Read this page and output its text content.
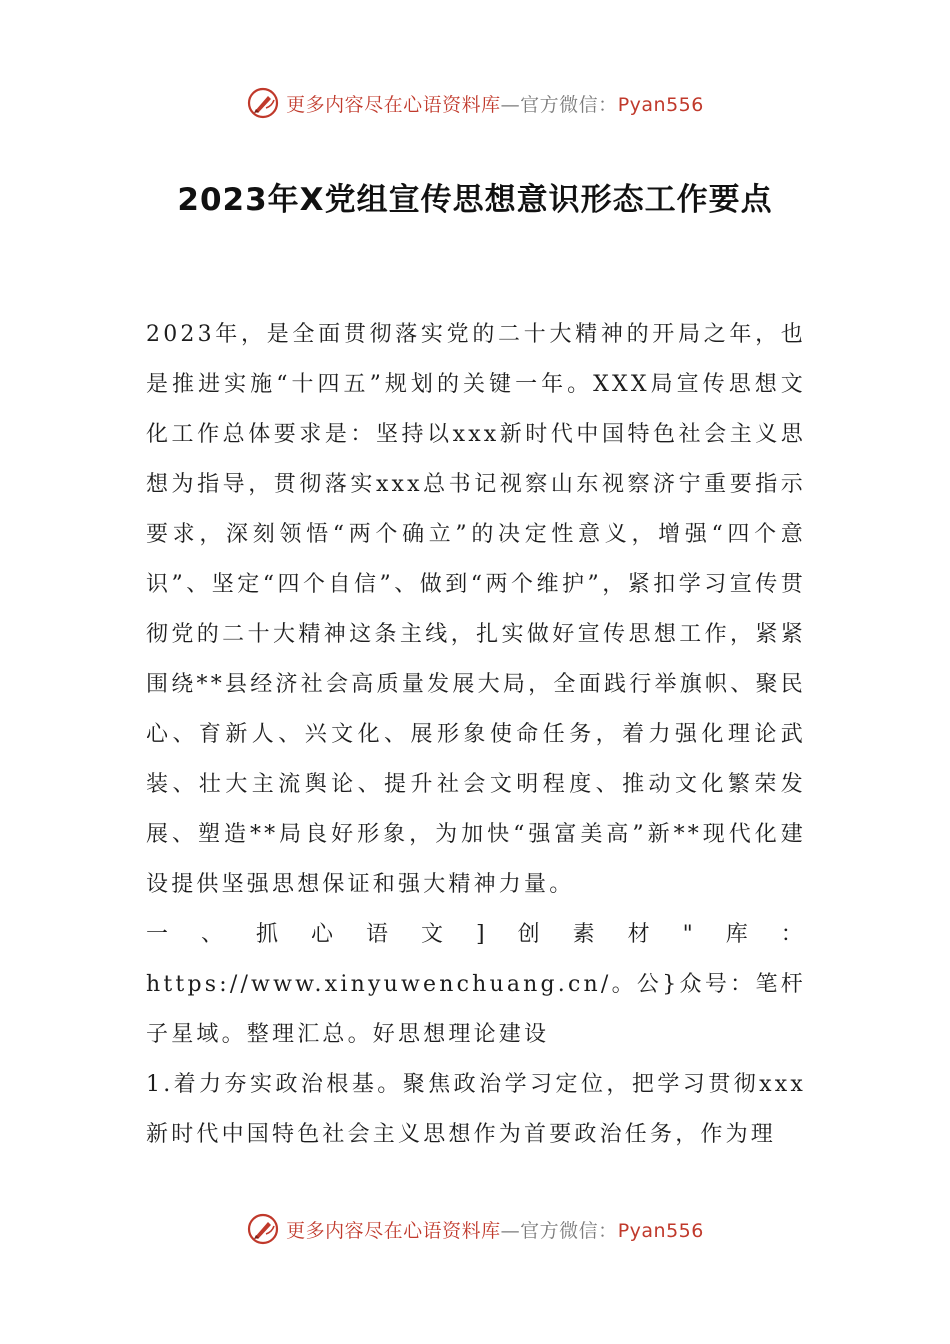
更多内容尽在心语资料库—官方微信：Pyan556
2023年X党组宣传思想意识形态工作要点

2023年，是全面贯彻落实党的二十大精神的开局之年，也是推进实施“十四五”规划的关键一年。XXX局宣传思想文化工作总体要求是：坚持以xxx新时代中国特色社会主义思想为指导，贯彻落实xxx总书记视察山东视察济宁重要指示要求，深刻领悟“两个确立”的决定性意义，增强“四个意识”、坚定“四个自信”、做到“两个维护”，紧扣学习宣传贯彻党的二十大精神这条主线，扎实做好宣传思想工作，紧紧围绕**县经济社会高质量发展大局，全面践行举旗帜、聚民心、育新人、兴文化、展形象使命任务，着力强化理论武装、壮大主流舆论、提升社会文明程度、推动文化繁荣发展、塑造**局良好形象，为加快“强富美高”新**现代化建设提供坚强思想保证和强大精神力量。

一、抓心语文]创素材"库：https://www.xinyuwenchuang.cn/。公}众号：笔杆子星域。整理汇总。好思想理论建设

1.着力夯实政治根基。聚焦政治学习定位，把学习贯彻xxx新时代中国特色社会主义思想作为首要政治任务，作为理

更多内容尽在心语资料库—官方微信：Pyan556
